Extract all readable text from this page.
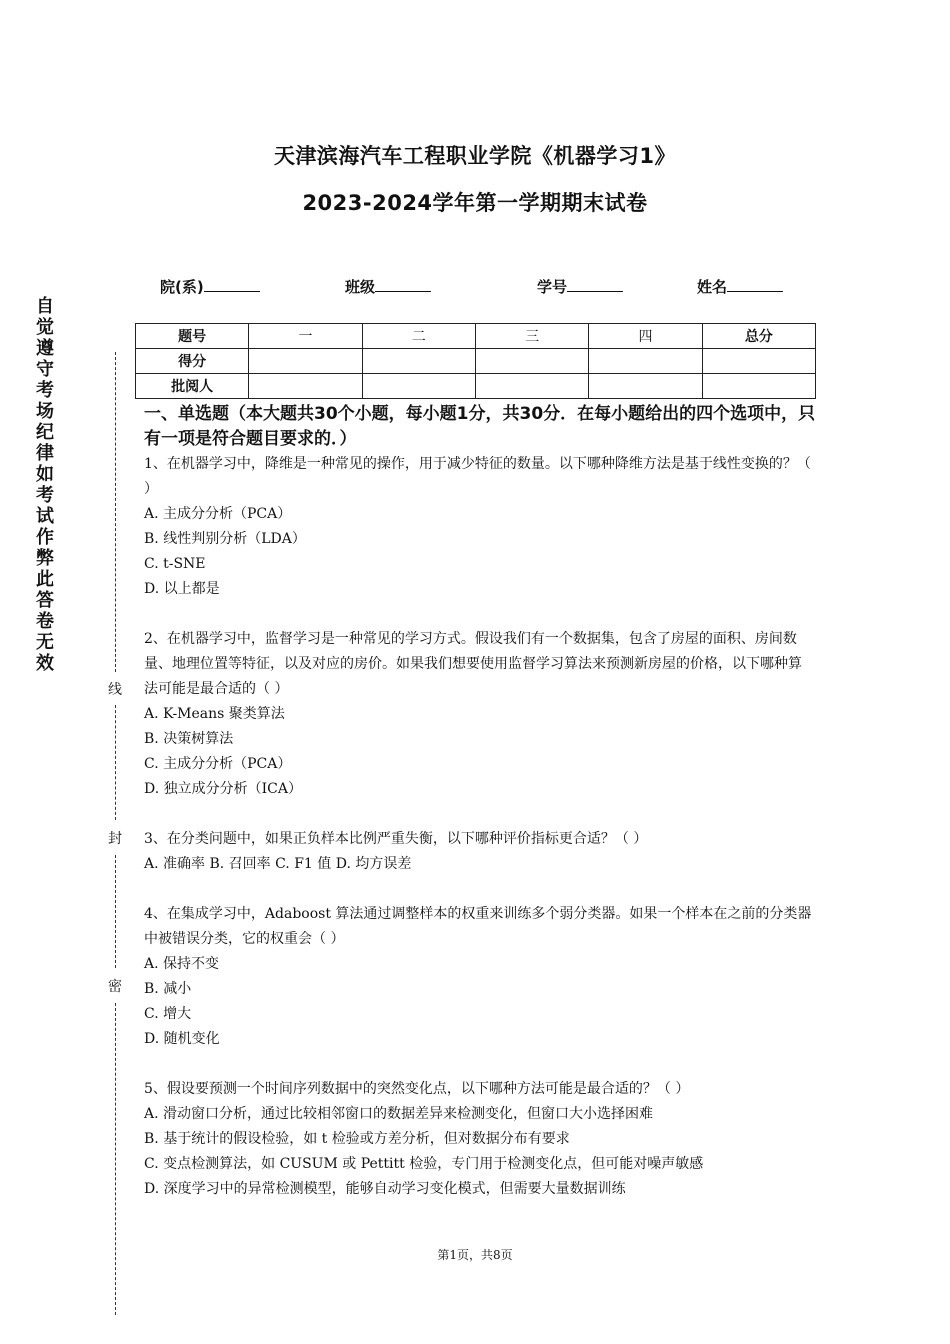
天津滨海汽车工程职业学院《机器学习1》
2023-2024学年第一学期期末试卷
院(系)	班级	学号	姓名
自觉遵守考场纪律如考试作弊此答卷无效
线
封
密
题号	一	二	三	四	总分
得分					
批阅人					
一、单选题（本大题共30个小题，每小题1分，共30分．在每小题给出的四个选项中，只有一项是符合题目要求的．）

1、在机器学习中，降维是一种常见的操作，用于减少特征的数量。以下哪种降维方法是基于线性变换的？（ ）

A. 主成分分析（PCA）

B. 线性判别分析（LDA）

C. t-SNE

D. 以上都是

2、在机器学习中，监督学习是一种常见的学习方式。假设我们有一个数据集，包含了房屋的面积、房间数量、地理位置等特征，以及对应的房价。如果我们想要使用监督学习算法来预测新房屋的价格，以下哪种算法可能是最合适的（ ）

A. K-Means 聚类算法

B. 决策树算法

C. 主成分分析（PCA）

D. 独立成分分析（ICA）

3、在分类问题中，如果正负样本比例严重失衡，以下哪种评价指标更合适？（ ）

A. 准确率 B. 召回率 C. F1 值 D. 均方误差

4、在集成学习中，Adaboost 算法通过调整样本的权重来训练多个弱分类器。如果一个样本在之前的分类器中被错误分类，它的权重会（ ）

A. 保持不变

B. 减小

C. 增大

D. 随机变化

5、假设要预测一个时间序列数据中的突然变化点，以下哪种方法可能是最合适的？（ ）

A. 滑动窗口分析，通过比较相邻窗口的数据差异来检测变化，但窗口大小选择困难

B. 基于统计的假设检验，如 t 检验或方差分析，但对数据分布有要求

C. 变点检测算法，如 CUSUM 或 Pettitt 检验，专门用于检测变化点，但可能对噪声敏感

D. 深度学习中的异常检测模型，能够自动学习变化模式，但需要大量数据训练

第1页，共8页
